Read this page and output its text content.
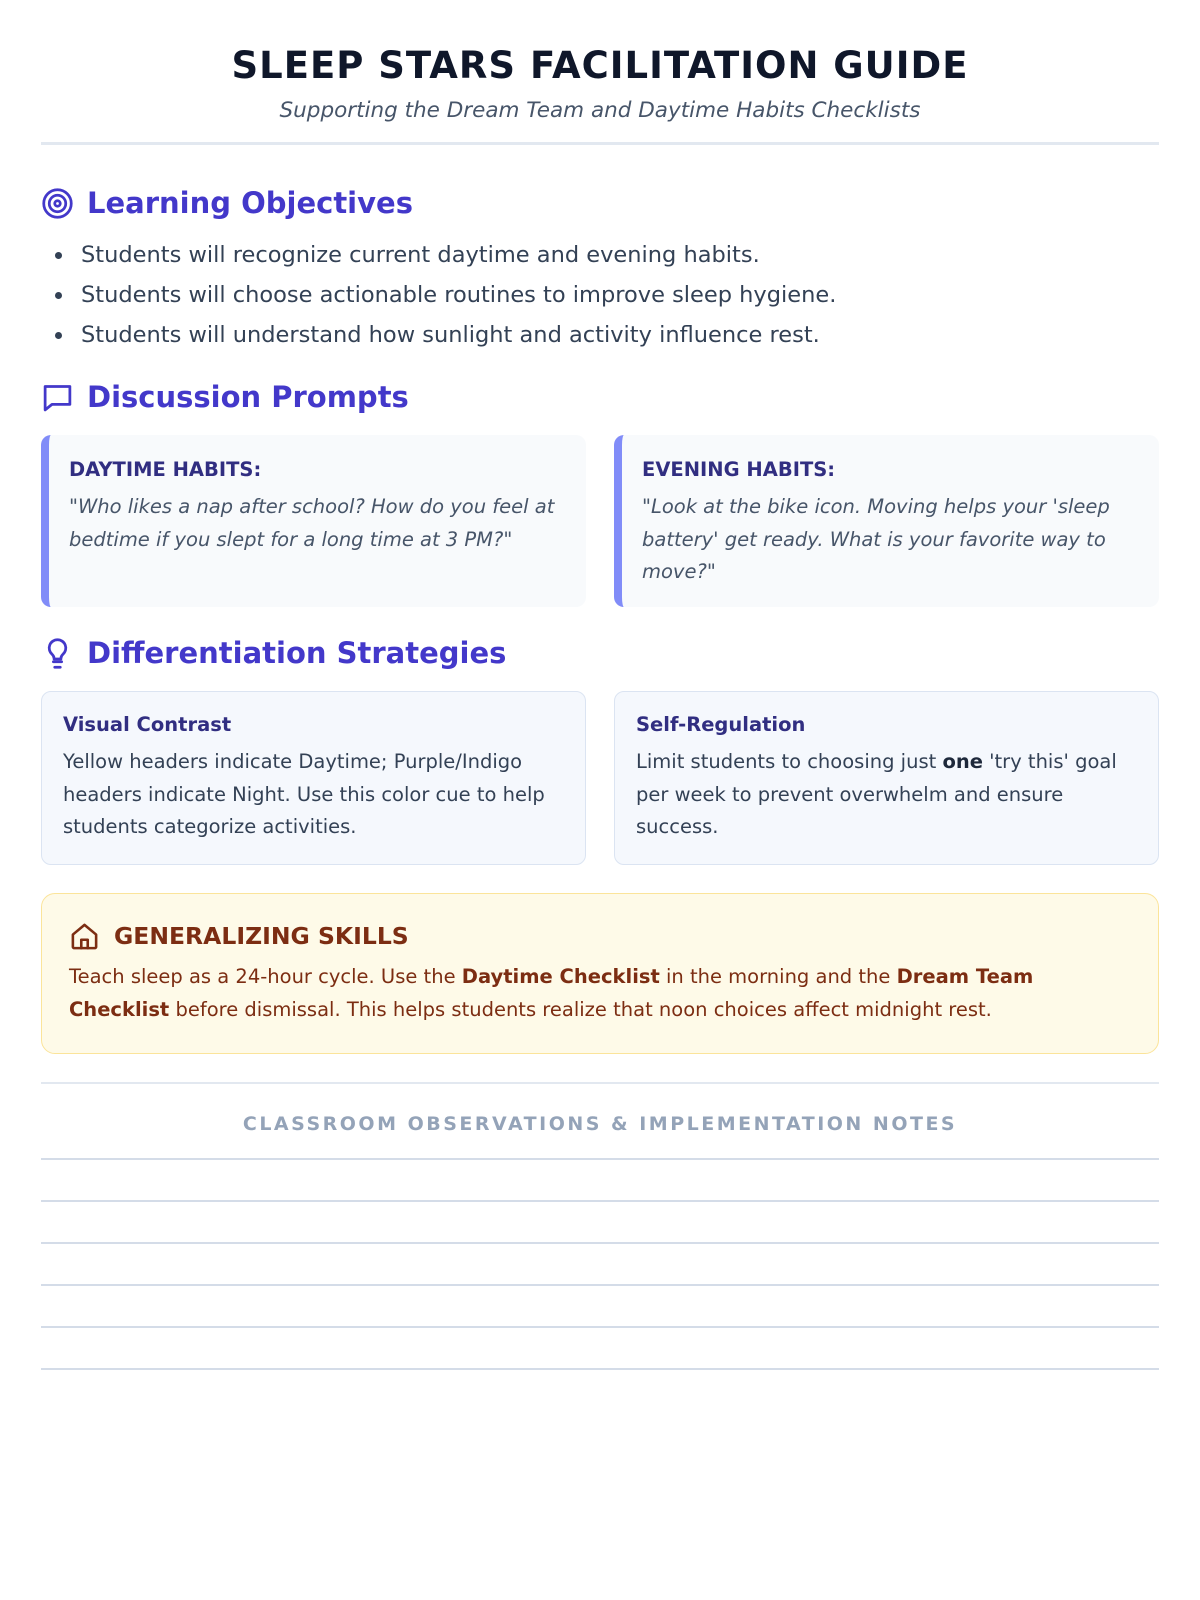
SLEEP STARS FACILITATION GUIDE

Supporting the Dream Team and Daytime Habits Checklists

Learning Objectives
Students will recognize current daytime and evening habits.
Students will choose actionable routines to improve sleep hygiene.
Students will understand how sunlight and activity influence rest.
Discussion Prompts
DAYTIME HABITS:
"Who likes a nap after school? How do you feel at bedtime if you slept for a long time at 3 PM?"
EVENING HABITS:
"Look at the bike icon. Moving helps your 'sleep battery' get ready. What is your favorite way to move?"
Differentiation Strategies
Visual Contrast
Yellow headers indicate Daytime; Purple/Indigo headers indicate Night. Use this color cue to help students categorize activities.
Self-Regulation
Limit students to choosing just one 'try this' goal per week to prevent overwhelm and ensure success.
GENERALIZING SKILLS
Teach sleep as a 24-hour cycle. Use the Daytime Checklist in the morning and the Dream Team Checklist before dismissal. This helps students realize that noon choices affect midnight rest.
CLASSROOM OBSERVATIONS & IMPLEMENTATION NOTES
